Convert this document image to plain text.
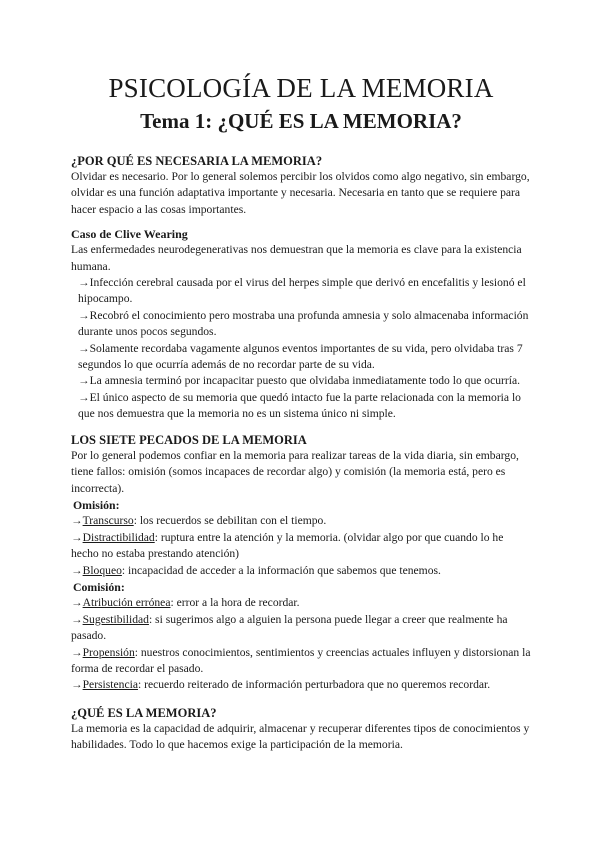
PSICOLOGÍA DE LA MEMORIA
Tema 1: ¿QUÉ ES LA MEMORIA?
¿POR QUÉ ES NECESARIA LA MEMORIA?

Olvidar es necesario. Por lo general solemos percibir los olvidos como algo negativo, sin embargo, olvidar es una función adaptativa importante y necesaria. Necesaria en tanto que se requiere para hacer espacio a las cosas importantes.

Caso de Clive Wearing

Las enfermedades neurodegenerativas nos demuestran que la memoria es clave para la existencia humana.

→Infección cerebral causada por el virus del herpes simple que derivó en encefalitis y lesionó el hipocampo.
→Recobró el conocimiento pero mostraba una profunda amnesia y solo almacenaba información durante unos pocos segundos.
→Solamente recordaba vagamente algunos eventos importantes de su vida, pero olvidaba tras 7 segundos lo que ocurría además de no recordar parte de su vida.
→La amnesia terminó por incapacitar puesto que olvidaba inmediatamente todo lo que ocurría.
→El único aspecto de su memoria que quedó intacto fue la parte relacionada con la memoria lo que nos demuestra que la memoria no es un sistema único ni simple.
LOS SIETE PECADOS DE LA MEMORIA

Por lo general podemos confiar en la memoria para realizar tareas de la vida diaria, sin embargo, tiene fallos: omisión (somos incapaces de recordar algo) y comisión (la memoria está, pero es incorrecta).

Omisión:

→Transcurso: los recuerdos se debilitan con el tiempo.

→Distractibilidad: ruptura entre la atención y la memoria. (olvidar algo por que cuando lo he hecho no estaba prestando atención)

→Bloqueo: incapacidad de acceder a la información que sabemos que tenemos.

Comisión:

→Atribución errónea: error a la hora de recordar.

→Sugestibilidad: si sugerimos algo a alguien la persona puede llegar a creer que realmente ha pasado.

→Propensión: nuestros conocimientos, sentimientos y creencias actuales influyen y distorsionan la forma de recordar el pasado.

→Persistencia: recuerdo reiterado de información perturbadora que no queremos recordar.

¿QUÉ ES LA MEMORIA?

La memoria es la capacidad de adquirir, almacenar y recuperar diferentes tipos de conocimientos y habilidades. Todo lo que hacemos exige la participación de la memoria.
